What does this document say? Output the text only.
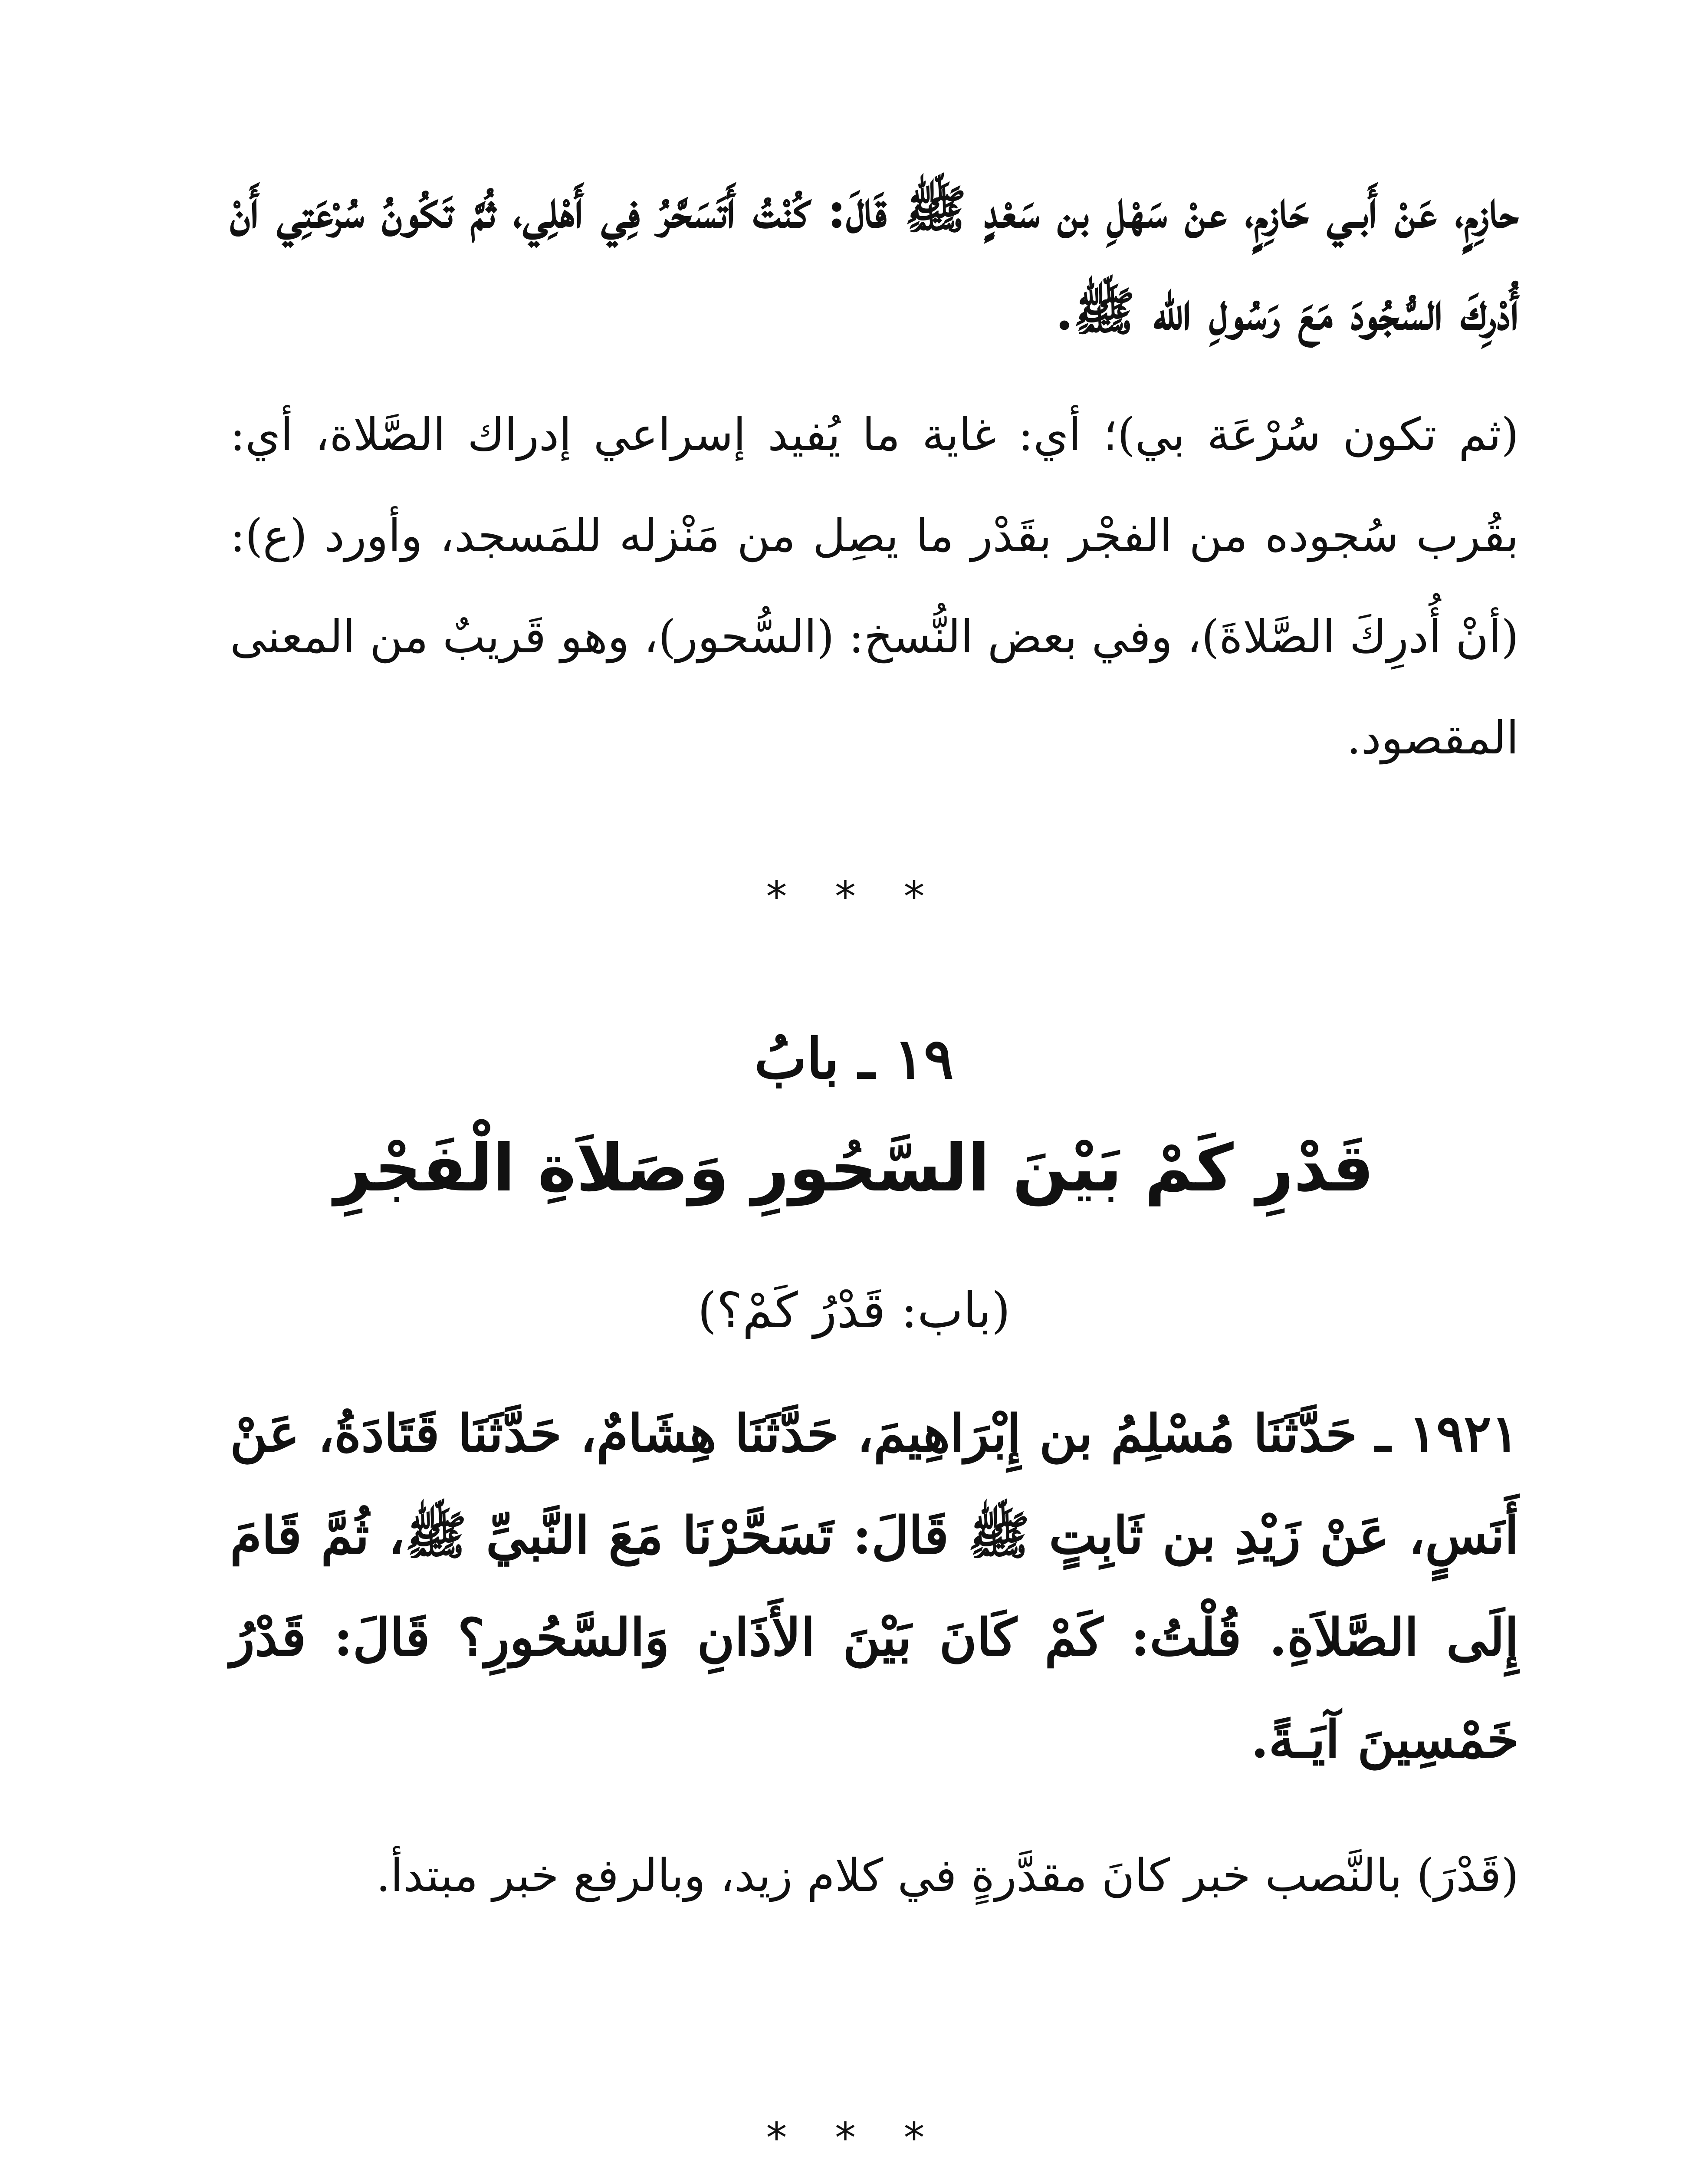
حازِمٍ، عَنْ أَبـي حَازِمٍ، عنْ سَهْلِ بن سَعْدٍ ﷺ قَالَ: كُنْتُ أَتَسَحَّرُ فِي أَهْلِي، ثُمَّ تَكُونُ سُرْعَتِي أَنْ أُدْرِكَ السُّجُودَ مَعَ رَسُولِ الله ﷺ.
(ثم تكون سُرْعَة بي)؛ أي: غاية ما يُفيد إسراعي إدراك الصَّلاة، أي: بقُرب سُجوده من الفجْر بقَدْر ما يصِل من مَنْزله للمَسجد، وأورد (ع): (أنْ أُدرِكَ الصَّلاةَ)، وفي بعض النُّسخ: (السُّحور)، وهو قَريبٌ من المعنى المقصود.
* * *
١٩ ـ بابُ
قَدْرِ كَمْ بَيْنَ السَّحُورِ وَصَلاَةِ الْفَجْرِ
(باب: قَدْرُ كَمْ؟)
١٩٢١ ـ حَدَّثَنَا مُسْلِمُ بن إِبْرَاهِيمَ، حَدَّثَنَا هِشَامٌ، حَدَّثَنَا قَتَادَةُ، عَنْ أَنَسٍ، عَنْ زَيْدِ بن ثَابِتٍ ﷺ قَالَ: تَسَحَّرْنَا مَعَ النَّبيِّ ﷺ، ثُمَّ قَامَ إِلَى الصَّلاَةِ. قُلْتُ: كَمْ كَانَ بَيْنَ الأَذَانِ وَالسَّحُورِ؟ قَالَ: قَدْرُ خَمْسِينَ آيَـةً.
(قَدْرَ) بالنَّصب خبر كانَ مقدَّرةٍ في كلام زيد، وبالرفع خبر مبتدأ.
* * *
